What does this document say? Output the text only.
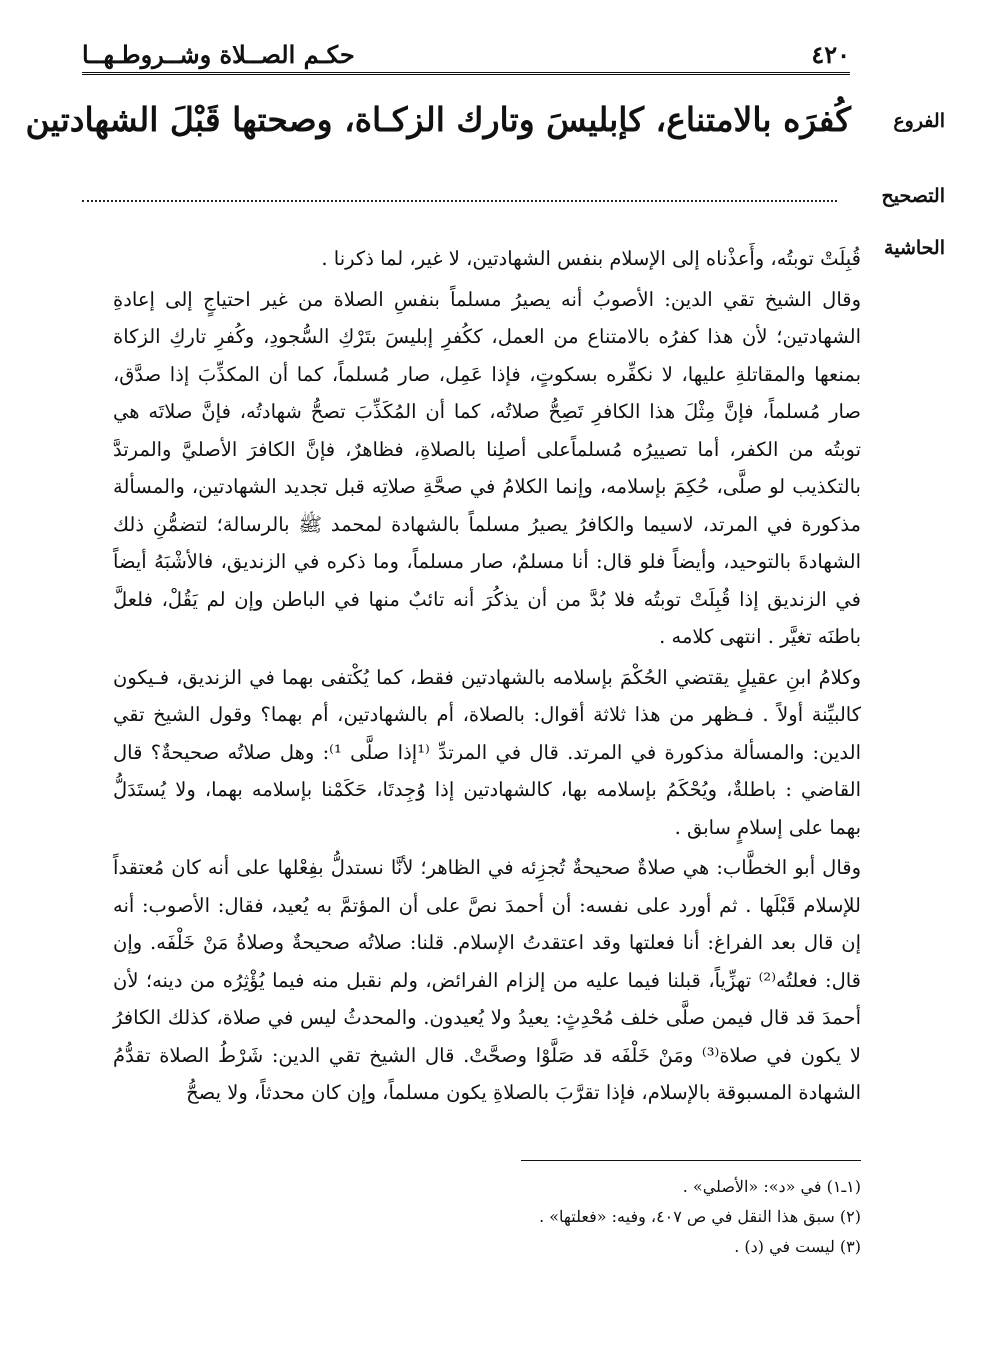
٤٢٠
حكـم الصــلاة وشــروطـهــا
الفروع
كُفرَه بالامتناع، كإبليسَ وتارك الزكـاة، وصحتها قَبْلَ الشهادتين
التصحيح
الحاشية

قُبِلَتْ توبتُه، وأَعذْناه إلى الإسلام بنفس الشهادتين، لا غير، لما ذكرنا .

وقال الشيخ تقي الدين: الأصوبُ أنه يصيرُ مسلماً بنفسِ الصلاة من غير احتياجٍ إلى إعادةِ الشهادتين؛ لأن هذا كفرُه بالامتناع من العمل، ككُفرِ إبليسَ بتَرْكِ السُّجودِ، وكُفرِ تاركِ الزكاة بمنعها والمقاتلةِ عليها، لا نكفِّره بسكوتٍ، فإذا عَمِل، صار مُسلماً، كما أن المكذِّبَ إذا صدَّق، صار مُسلماً، فإنَّ مِثْلَ هذا الكافرِ تَصِحُّ صلاتُه، كما أن المُكَذِّبَ تصحُّ شهادتُه، فإنَّ صلاتَه هي توبتُه من الكفر، أما تصييرُه مُسلماًعلى أصلِنا بالصلاةِ، فظاهرٌ، فإنَّ الكافرَ الأصليَّ والمرتدَّ بالتكذيب لو صلَّى، حُكِمَ بإسلامه، وإنما الكلامُ في صحَّةِ صلاتِه قبل تجديد الشهادتين، والمسألة مذكورة في المرتد، لاسيما والكافرُ يصيرُ مسلماً بالشهادة لمحمد ﷺ بالرسالة؛ لتضمُّنِ ذلك الشهادةَ بالتوحيد، وأيضاً فلو قال: أنا مسلمٌ، صار مسلماً، وما ذكره في الزنديق، فالأشْبَهُ أيضاً في الزنديق إذا قُبِلَتْ توبتُه فلا بُدَّ من أن يذكُرَ أنه تائبٌ منها في الباطن وإن لم يَقُلْ، فلعلَّ باطنَه تغيَّر . انتهى كلامه .

وكلامُ ابنِ عقيلٍ يقتضي الحُكْمَ بإسلامه بالشهادتين فقط، كما يُكْتفى بهما في الزنديق، فـيكون كالبيِّنة أولاً . فـظهر من هذا ثلاثة أقوال: بالصلاة، أم بالشهادتين، أم بهما؟ وقول الشيخ تقي الدين: والمسألة مذكورة في المرتد. قال في المرتدِّ ⁽¹إذا صلَّى ¹⁾: وهل صلاتُه صحيحةٌ؟ قال القاضي : باطلةٌ، ويُحْكَمُ بإسلامه بها، كالشهادتين إذا وُجِدتَا، حَكَمْنا بإسلامه بهما، ولا يُستَدَلُّ بهما على إسلامٍ سابق .

وقال أبو الخطَّاب: هي صلاةٌ صحيحةٌ تُجزِئه في الظاهر؛ لأنَّا نستدلُّ بفِعْلها على أنه كان مُعتقداً للإسلام قَبْلَها . ثم أورد على نفسه: أن أحمدَ نصَّ على أن المؤتمَّ به يُعيد، فقال: الأصوب: أنه إن قال بعد الفراغ: أنا فعلتها وقد اعتقدتُ الإسلام. قلنا: صلاتُه صحيحةٌ وصلاةُ مَنْ خَلْفَه. وإن قال: فعلتُه⁽²⁾ تهزِّياً، قبلنا فيما عليه من إلزام الفرائض، ولم نقبل منه فيما يُؤْثِرُه من دينه؛ لأن أحمدَ قد قال فيمن صلَّى خلف مُحْدِثٍ: يعيدُ ولا يُعيدون. والمحدثُ ليس في صلاة، كذلك الكافرُ لا يكون في صلاة⁽³⁾ ومَنْ خَلْفَه قد صَلَّوْا وصحَّتْ. قال الشيخ تقي الدين: شَرْطُ الصلاة تقدُّمُ الشهادة المسبوقة بالإسلام، فإذا تقرَّبَ بالصلاةِ يكون مسلماً، وإن كان محدثاً، ولا يصحُّ

(١ـ١) في «د»: «الأصلي» .
(٢) سبق هذا النقل في ص ٤٠٧، وفيه: «فعلتها» .
(٣) ليست في (د) .
